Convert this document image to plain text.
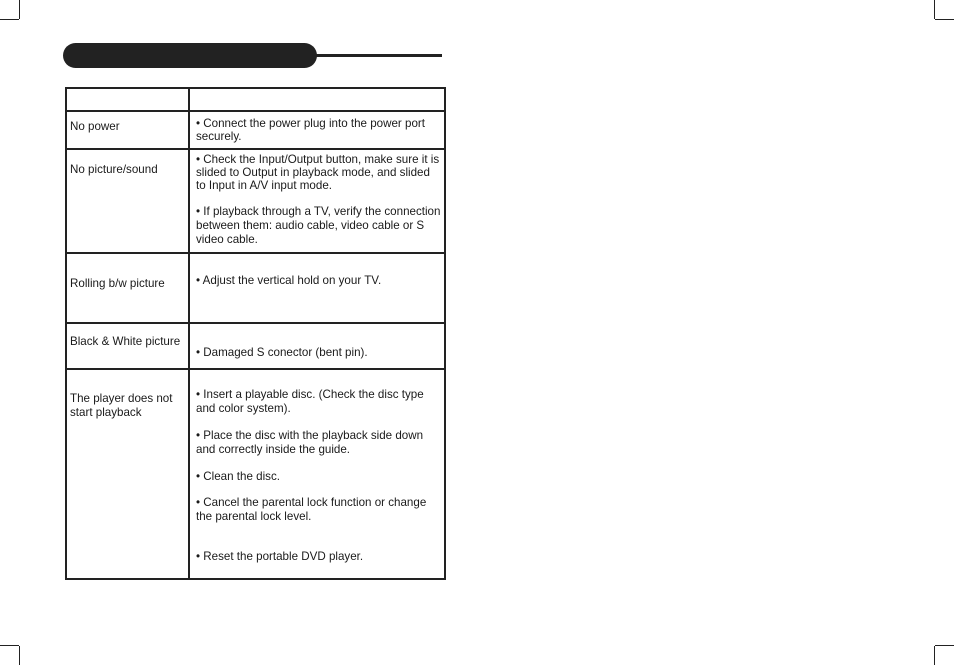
No power	• Connect the power plug into the power port securely.
No picture/sound
• Check the Input/Output button, make sure it is slided to Output in playback mode, and slided to Input in A/V input mode.
• If playback through a TV, verify the connection between them: audio cable, video cable or S video cable.
Rolling b/w picture	• Adjust the vertical hold on your TV.
Black & White picture
• Damaged S conector (bent pin).
The player does not start playback
• Insert a playable disc. (Check the disc type and color system).
• Place the disc with the playback side down and correctly inside the guide.
• Clean the disc.
• Cancel the parental lock function or change the parental lock level.
• Reset the portable DVD player.
